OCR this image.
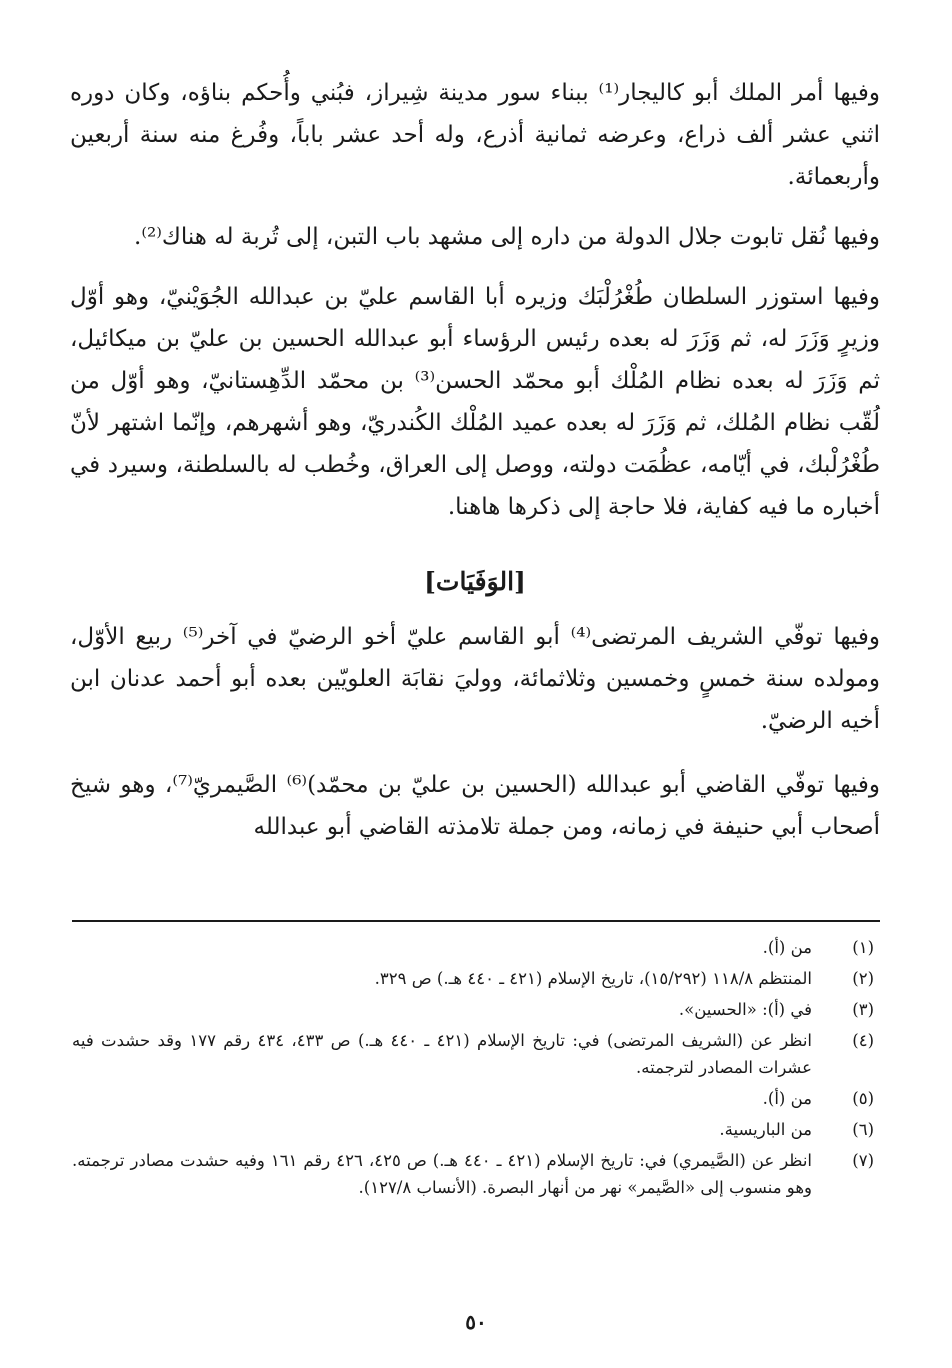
وفيها أمر الملك أبو كاليجار⁽¹⁾ ببناء سور مدينة شِيراز، فبُني وأُحكم بناؤه، وكان دوره اثني عشر ألف ذراع، وعرضه ثمانية أذرع، وله أحد عشر باباً، وفُرغ منه سنة أربعين وأربعمائة.

وفيها نُقل تابوت جلال الدولة من داره إلى مشهد باب التبن، إلى تُربة له هناك⁽²⁾.

وفيها استوزر السلطان طُغْرُلْبَك وزيره أبا القاسم عليّ بن عبدالله الجُوَيْنيّ، وهو أوّل وزيرٍ وَزَرَ له، ثم وَزَرَ له بعده رئيس الرؤساء أبو عبدالله الحسين بن عليّ بن ميكائيل، ثم وَزَرَ له بعده نظام المُلْك أبو محمّد الحسن⁽³⁾ بن محمّد الدِّهِستانيّ، وهو أوّل من لُقّب نظام المُلك، ثم وَزَرَ له بعده عميد المُلْك الكُندريّ، وهو أشهرهم، وإنّما اشتهر لأنّ طُغْرُلْبك، في أيّامه، عظُمَت دولته، ووصل إلى العراق، وخُطب له بالسلطنة، وسيرد في أخباره ما فيه كفاية، فلا حاجة إلى ذكرها هاهنا.

[الوَفَيَات]

وفيها توفّي الشريف المرتضى⁽⁴⁾ أبو القاسم عليّ أخو الرضيّ في آخر⁽⁵⁾ ربيع الأوّل، ومولده سنة خمسٍ وخمسين وثلاثمائة، ووليَ نقابَة العلويّين بعده أبو أحمد عدنان ابن أخيه الرضيّ.

وفيها توفّي القاضي أبو عبدالله (الحسين بن عليّ بن محمّد)⁽⁶⁾ الصَّيمريّ⁽⁷⁾، وهو شيخ أصحاب أبي حنيفة في زمانه، ومن جملة تلامذته القاضي أبو عبدالله

(١)
من (أ).
(٢)
المنتظم ١١٨/٨ (١٥/٢٩٢)، تاريخ الإسلام (٤٢١ ـ ٤٤٠ هـ.) ص ٣٢٩.
(٣)
في (أ): «الحسين».
(٤)
انظر عن (الشريف المرتضى) في: تاريخ الإسلام (٤٢١ ـ ٤٤٠ هـ.) ص ٤٣٣، ٤٣٤ رقم ١٧٧ وقد حشدت فيه عشرات المصادر لترجمته.
(٥)
من (أ).
(٦)
من الباريسية.
(٧)
انظر عن (الصَّيمري) في: تاريخ الإسلام (٤٢١ ـ ٤٤٠ هـ.) ص ٤٢٥، ٤٢٦ رقم ١٦١ وفيه حشدت مصادر ترجمته. وهو منسوب إلى «الصَّيمر» نهر من أنهار البصرة. (الأنساب ١٢٧/٨).
٥٠
